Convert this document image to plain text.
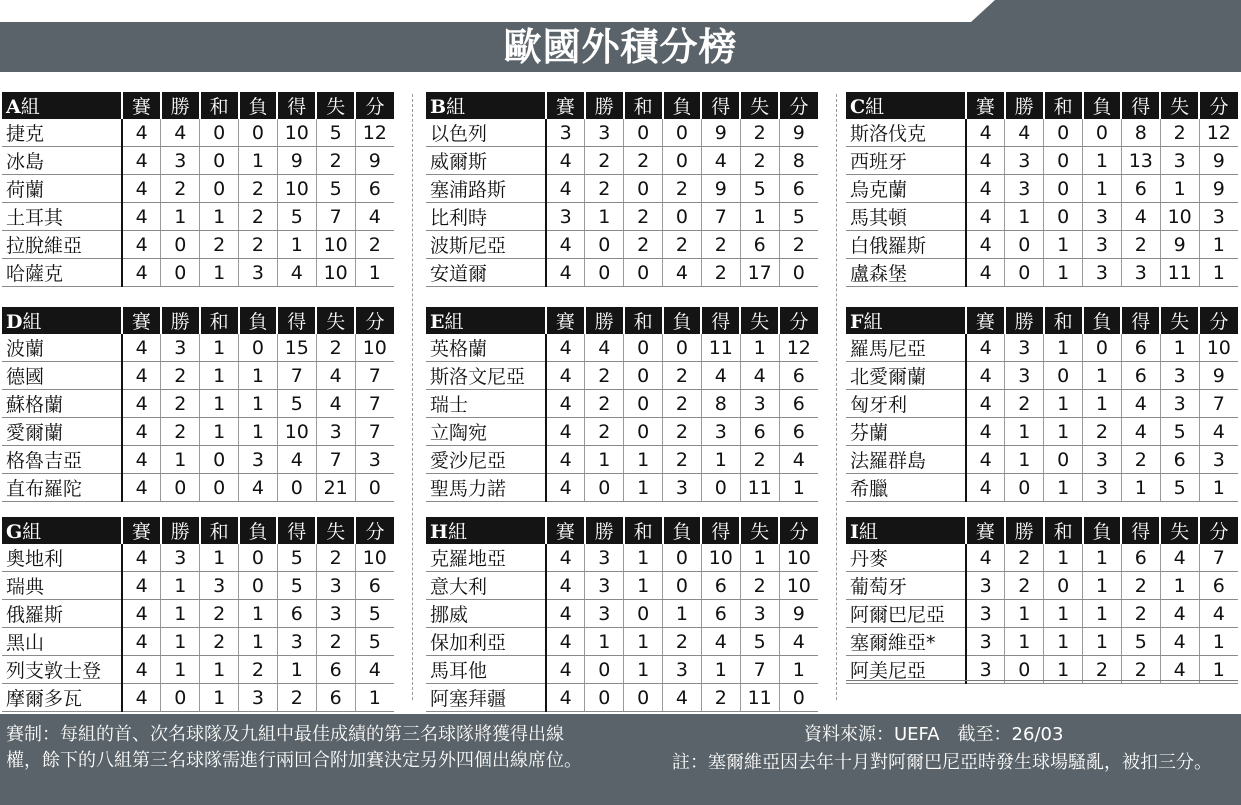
歐國外積分榜
A組	賽	勝	和	負	得	失	分
捷克	4	4	0	0	10	5	12
冰島	4	3	0	1	9	2	9
荷蘭	4	2	0	2	10	5	6
土耳其	4	1	1	2	5	7	4
拉脫維亞	4	0	2	2	1	10	2
哈薩克	4	0	1	3	4	10	1
B組	賽	勝	和	負	得	失	分
以色列	3	3	0	0	9	2	9
威爾斯	4	2	2	0	4	2	8
塞浦路斯	4	2	0	2	9	5	6
比利時	3	1	2	0	7	1	5
波斯尼亞	4	0	2	2	2	6	2
安道爾	4	0	0	4	2	17	0
C組	賽	勝	和	負	得	失	分
斯洛伐克	4	4	0	0	8	2	12
西班牙	4	3	0	1	13	3	9
烏克蘭	4	3	0	1	6	1	9
馬其頓	4	1	0	3	4	10	3
白俄羅斯	4	0	1	3	2	9	1
盧森堡	4	0	1	3	3	11	1
D組	賽	勝	和	負	得	失	分
波蘭	4	3	1	0	15	2	10
德國	4	2	1	1	7	4	7
蘇格蘭	4	2	1	1	5	4	7
愛爾蘭	4	2	1	1	10	3	7
格魯吉亞	4	1	0	3	4	7	3
直布羅陀	4	0	0	4	0	21	0
E組	賽	勝	和	負	得	失	分
英格蘭	4	4	0	0	11	1	12
斯洛文尼亞	4	2	0	2	4	4	6
瑞士	4	2	0	2	8	3	6
立陶宛	4	2	0	2	3	6	6
愛沙尼亞	4	1	1	2	1	2	4
聖馬力諾	4	0	1	3	0	11	1
F組	賽	勝	和	負	得	失	分
羅馬尼亞	4	3	1	0	6	1	10
北愛爾蘭	4	3	0	1	6	3	9
匈牙利	4	2	1	1	4	3	7
芬蘭	4	1	1	2	4	5	4
法羅群島	4	1	0	3	2	6	3
希臘	4	0	1	3	1	5	1
G組	賽	勝	和	負	得	失	分
奧地利	4	3	1	0	5	2	10
瑞典	4	1	3	0	5	3	6
俄羅斯	4	1	2	1	6	3	5
黑山	4	1	2	1	3	2	5
列支敦士登	4	1	1	2	1	6	4
摩爾多瓦	4	0	1	3	2	6	1
H組	賽	勝	和	負	得	失	分
克羅地亞	4	3	1	0	10	1	10
意大利	4	3	1	0	6	2	10
挪威	4	3	0	1	6	3	9
保加利亞	4	1	1	2	4	5	4
馬耳他	4	0	1	3	1	7	1
阿塞拜疆	4	0	0	4	2	11	0
I組	賽	勝	和	負	得	失	分
丹麥	4	2	1	1	6	4	7
葡萄牙	3	2	0	1	2	1	6
阿爾巴尼亞	3	1	1	1	2	4	4
塞爾維亞*	3	1	1	1	5	4	1
阿美尼亞	3	0	1	2	2	4	1
賽制：每組的首、次名球隊及九組中最佳成績的第三名球隊將獲得出線權，餘下的八組第三名球隊需進行兩回合附加賽決定另外四個出線席位。
資料來源：UEFA　截至：26/03
註：塞爾維亞因去年十月對阿爾巴尼亞時發生球場騷亂，被扣三分。
